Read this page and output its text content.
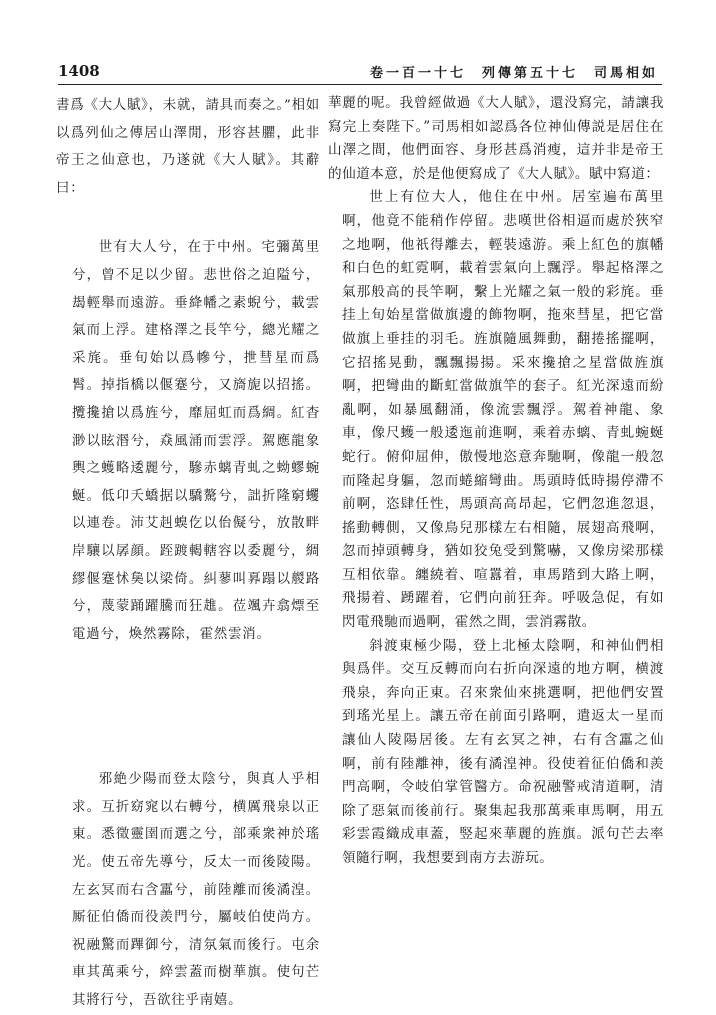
1408	卷一百一十七　列傳第五十七　司馬相如

書爲《大人賦》，未就，請具而奏之。”相如以爲列仙之傳居山澤閒，形容甚臞，此非帝王之仙意也，乃遂就《大人賦》。其辭曰：

世有大人兮，在于中州。宅彌萬里兮，曾不足以少留。悲世俗之迫隘兮，朅輕舉而遠游。垂絳幡之素蜺兮，載雲氣而上浮。建格澤之長竿兮，總光耀之采旄。垂旬始以爲幓兮，抴彗星而爲髾。掉指橋以偃蹇兮，又旖旎以招搖。攬攙搶以爲旌兮，靡屈虹而爲綢。紅杳渺以眩湣兮，猋風涌而雲浮。駕應龍象輿之蠖略逶麗兮，驂赤螭青虬之蚴蟉蜿蜒。低卬夭蟜据以驕驁兮，詘折隆窮蠼以連卷。沛艾赳螑仡以佁儗兮，放散畔岸驤以孱顔。跮踱輵轄容以委麗兮，綢繆偃蹇怵㚟以梁倚。糾蓼叫奡蹋以艐路兮，蔑蒙踊躍騰而狂趡。莅颯卉翕熛至電過兮，煥然霧除，霍然雲消。

邪絶少陽而登太陰兮，與真人乎相求。互折窈窕以右轉兮，横厲飛泉以正東。悉徵靈圉而選之兮，部乘衆神於瑤光。使五帝先導兮，反太一而後陵陽。左玄冥而右含靁兮，前陸離而後潏湟。厮征伯僑而役羨門兮，屬岐伯使尚方。祝融驚而蹕御兮，清氛氣而後行。屯余車其萬乘兮，綷雲蓋而樹華旗。使句芒其將行兮，吾欲往乎南嬉。

華麗的呢。我曾經做過《大人賦》，還没寫完，請讓我寫完上奏陛下。”司馬相如認爲各位神仙傳説是居住在山澤之間，他們面容、身形甚爲消瘦，這并非是帝王的仙道本意，於是他便寫成了《大人賦》。賦中寫道：

世上有位大人，他住在中州。居室遍布萬里啊，他竟不能稍作停留。悲嘆世俗相逼而處於狹窄之地啊，他祇得離去，輕裝遠游。乘上紅色的旗幡和白色的虹霓啊，載着雲氣向上飄浮。舉起格澤之氣那般高的長竿啊，繫上光耀之氣一般的彩旄。垂挂上旬始星當做旗邊的飾物啊，拖來彗星，把它當做旗上垂挂的羽毛。旌旗隨風舞動，翻捲搖擺啊，它招搖晃動，飄飄揚揚。采來攙搶之星當做旌旗啊，把彎曲的斷虹當做旗竿的套子。紅光深遠而紛亂啊，如暴風翻涌，像流雲飄浮。駕着神龍、象車，像尺蠖一般逶迤前進啊，乘着赤螭、青虬蜿蜒蛇行。俯仰屈伸，傲慢地恣意奔馳啊，像龍一般忽而隆起身軀，忽而蜷縮彎曲。馬頭時低時揚停滯不前啊，恣肆任性，馬頭高高昂起，它們忽進忽退，搖動轉側，又像鳥兒那樣左右相隨，展翅高飛啊，忽而掉頭轉身，猶如狡兔受到驚嚇，又像房梁那樣互相依靠。纏繞着、喧囂着，車馬踏到大路上啊，飛揚着、踴躍着，它們向前狂奔。呼吸急促，有如閃電飛馳而過啊，霍然之間，雲消霧散。

斜渡東極少陽，登上北極太陰啊，和神仙們相與爲伴。交互反轉而向右折向深遠的地方啊，横渡飛泉，奔向正東。召來衆仙來挑選啊，把他們安置到瑤光星上。讓五帝在前面引路啊，遣返太一星而讓仙人陵陽居後。左有玄冥之神，右有含靁之仙啊，前有陸離神，後有潏湟神。役使着征伯僑和羨門高啊，令岐伯掌管醫方。命祝融警戒清道啊，清除了惡氣而後前行。聚集起我那萬乘車馬啊，用五彩雲霞織成車蓋，竪起來華麗的旌旗。派句芒去率領隨行啊，我想要到南方去游玩。
